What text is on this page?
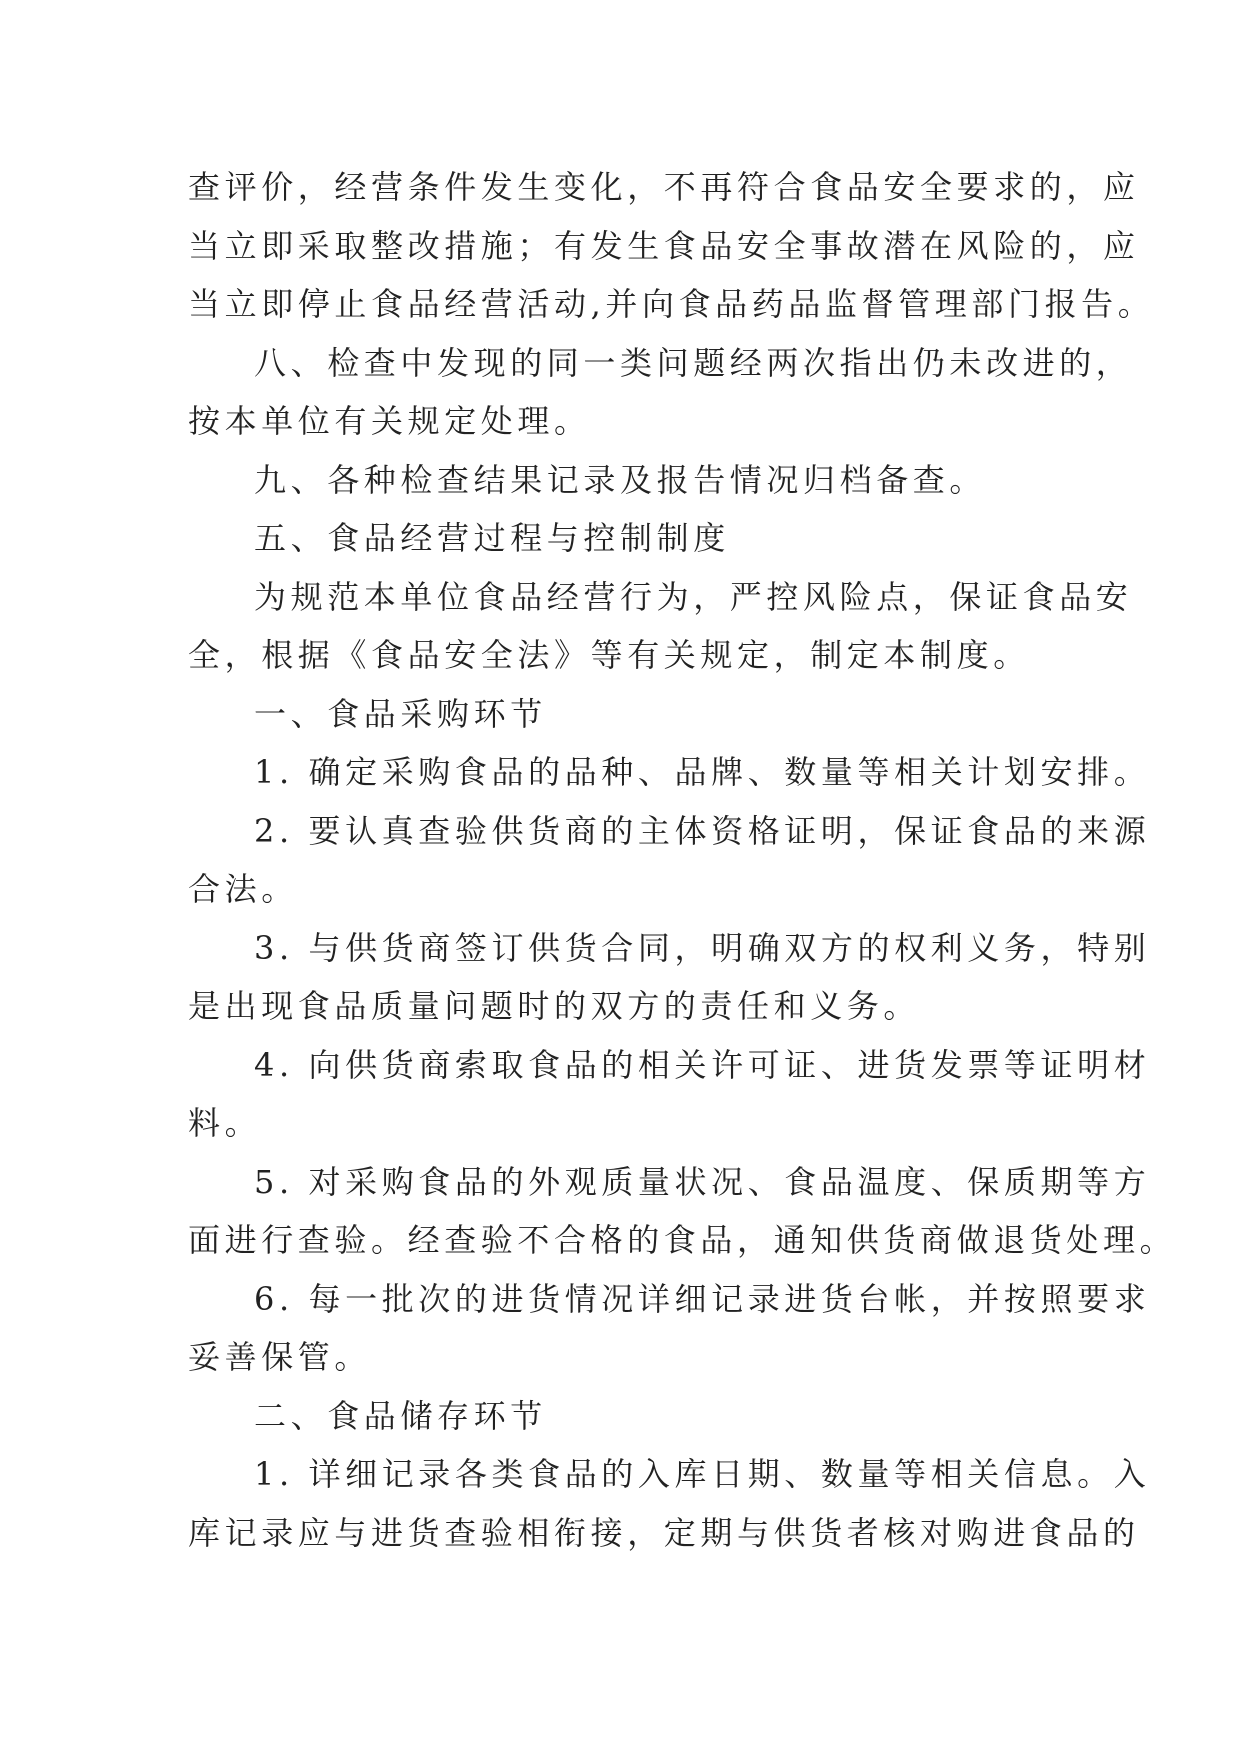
查评价，经营条件发生变化，不再符合食品安全要求的，应
当立即采取整改措施；有发生食品安全事故潜在风险的，应
当立即停止食品经营活动,并向食品药品监督管理部门报告。
八、检查中发现的同一类问题经两次指出仍未改进的，
按本单位有关规定处理。
九、各种检查结果记录及报告情况归档备查。
五、食品经营过程与控制制度
为规范本单位食品经营行为，严控风险点，保证食品安
全，根据《食品安全法》等有关规定，制定本制度。
一、食品采购环节
1. 确定采购食品的品种、品牌、数量等相关计划安排。
2. 要认真查验供货商的主体资格证明，保证食品的来源
合法。
3. 与供货商签订供货合同，明确双方的权利义务，特别
是出现食品质量问题时的双方的责任和义务。
4. 向供货商索取食品的相关许可证、进货发票等证明材
料。
5. 对采购食品的外观质量状况、食品温度、保质期等方
面进行查验。经查验不合格的食品，通知供货商做退货处理。
6. 每一批次的进货情况详细记录进货台帐，并按照要求
妥善保管。
二、食品储存环节
1. 详细记录各类食品的入库日期、数量等相关信息。入
库记录应与进货查验相衔接，定期与供货者核对购进食品的
